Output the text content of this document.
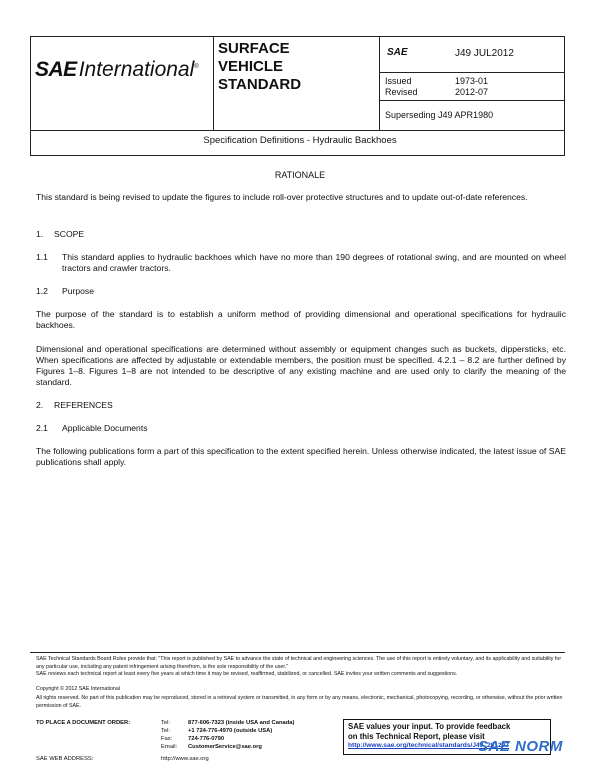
SAEInternational®
SURFACE
VEHICLE
STANDARD
SAE	J49 JUL2012
Issued	1973-01
Revised	2012-07
Superseding J49 APR1980
Specification Definitions - Hydraulic Backhoes
RATIONALE
This standard is being revised to update the figures to include roll-over protective structures and to update out-of-date references.
1. SCOPE
1.1 This standard applies to hydraulic backhoes which have no more than 190 degrees of rotational swing, and are mounted on wheel tractors and crawler tractors.
1.2 Purpose
The purpose of the standard is to establish a uniform method of providing dimensional and operational specifications for hydraulic backhoes.
Dimensional and operational specifications are determined without assembly or equipment changes such as buckets, dippersticks, etc. When specifications are affected by adjustable or extendable members, the position must be specified. 4.2.1 – 8.2 are further defined by Figures 1–8. Figures 1–8 are not intended to be descriptive of any existing machine and are used only to clarify the meaning of the standard.
2. REFERENCES
2.1 Applicable Documents
The following publications form a part of this specification to the extent specified herein. Unless otherwise indicated, the latest issue of SAE publications shall apply.
SAE Technical Standards Board Rules provide that: "This report is published by SAE to advance the state of technical and engineering sciences. The use of this report is entirely voluntary, and its applicability and suitability for any particular use, including any patent infringement arising therefrom, is the sole responsibility of the user."
SAE reviews each technical report at least every five years at which time it may be revised, reaffirmed, stabilized, or cancelled. SAE invites your written comments and suggestions.
Copyright © 2012 SAE International
All rights reserved. No part of this publication may be reproduced, stored in a retrieval system or transmitted, in any form or by any means, electronic, mechanical, photocopying, recording, or otherwise, without the prior written permission of SAE.
TO PLACE A DOCUMENT ORDER:	Tel:	877-606-7323 (inside USA and Canada)
Tel:	+1 724-776-4970 (outside USA)
Fax:	724-776-0790
Email: CustomerService@sae.org
SAE WEB ADDRESS:	http://www.sae.org
SAE values your input. To provide feedback
on this Technical Report, please visit
http://www.sae.org/technical/standards/J49_201207
SAE NORM
